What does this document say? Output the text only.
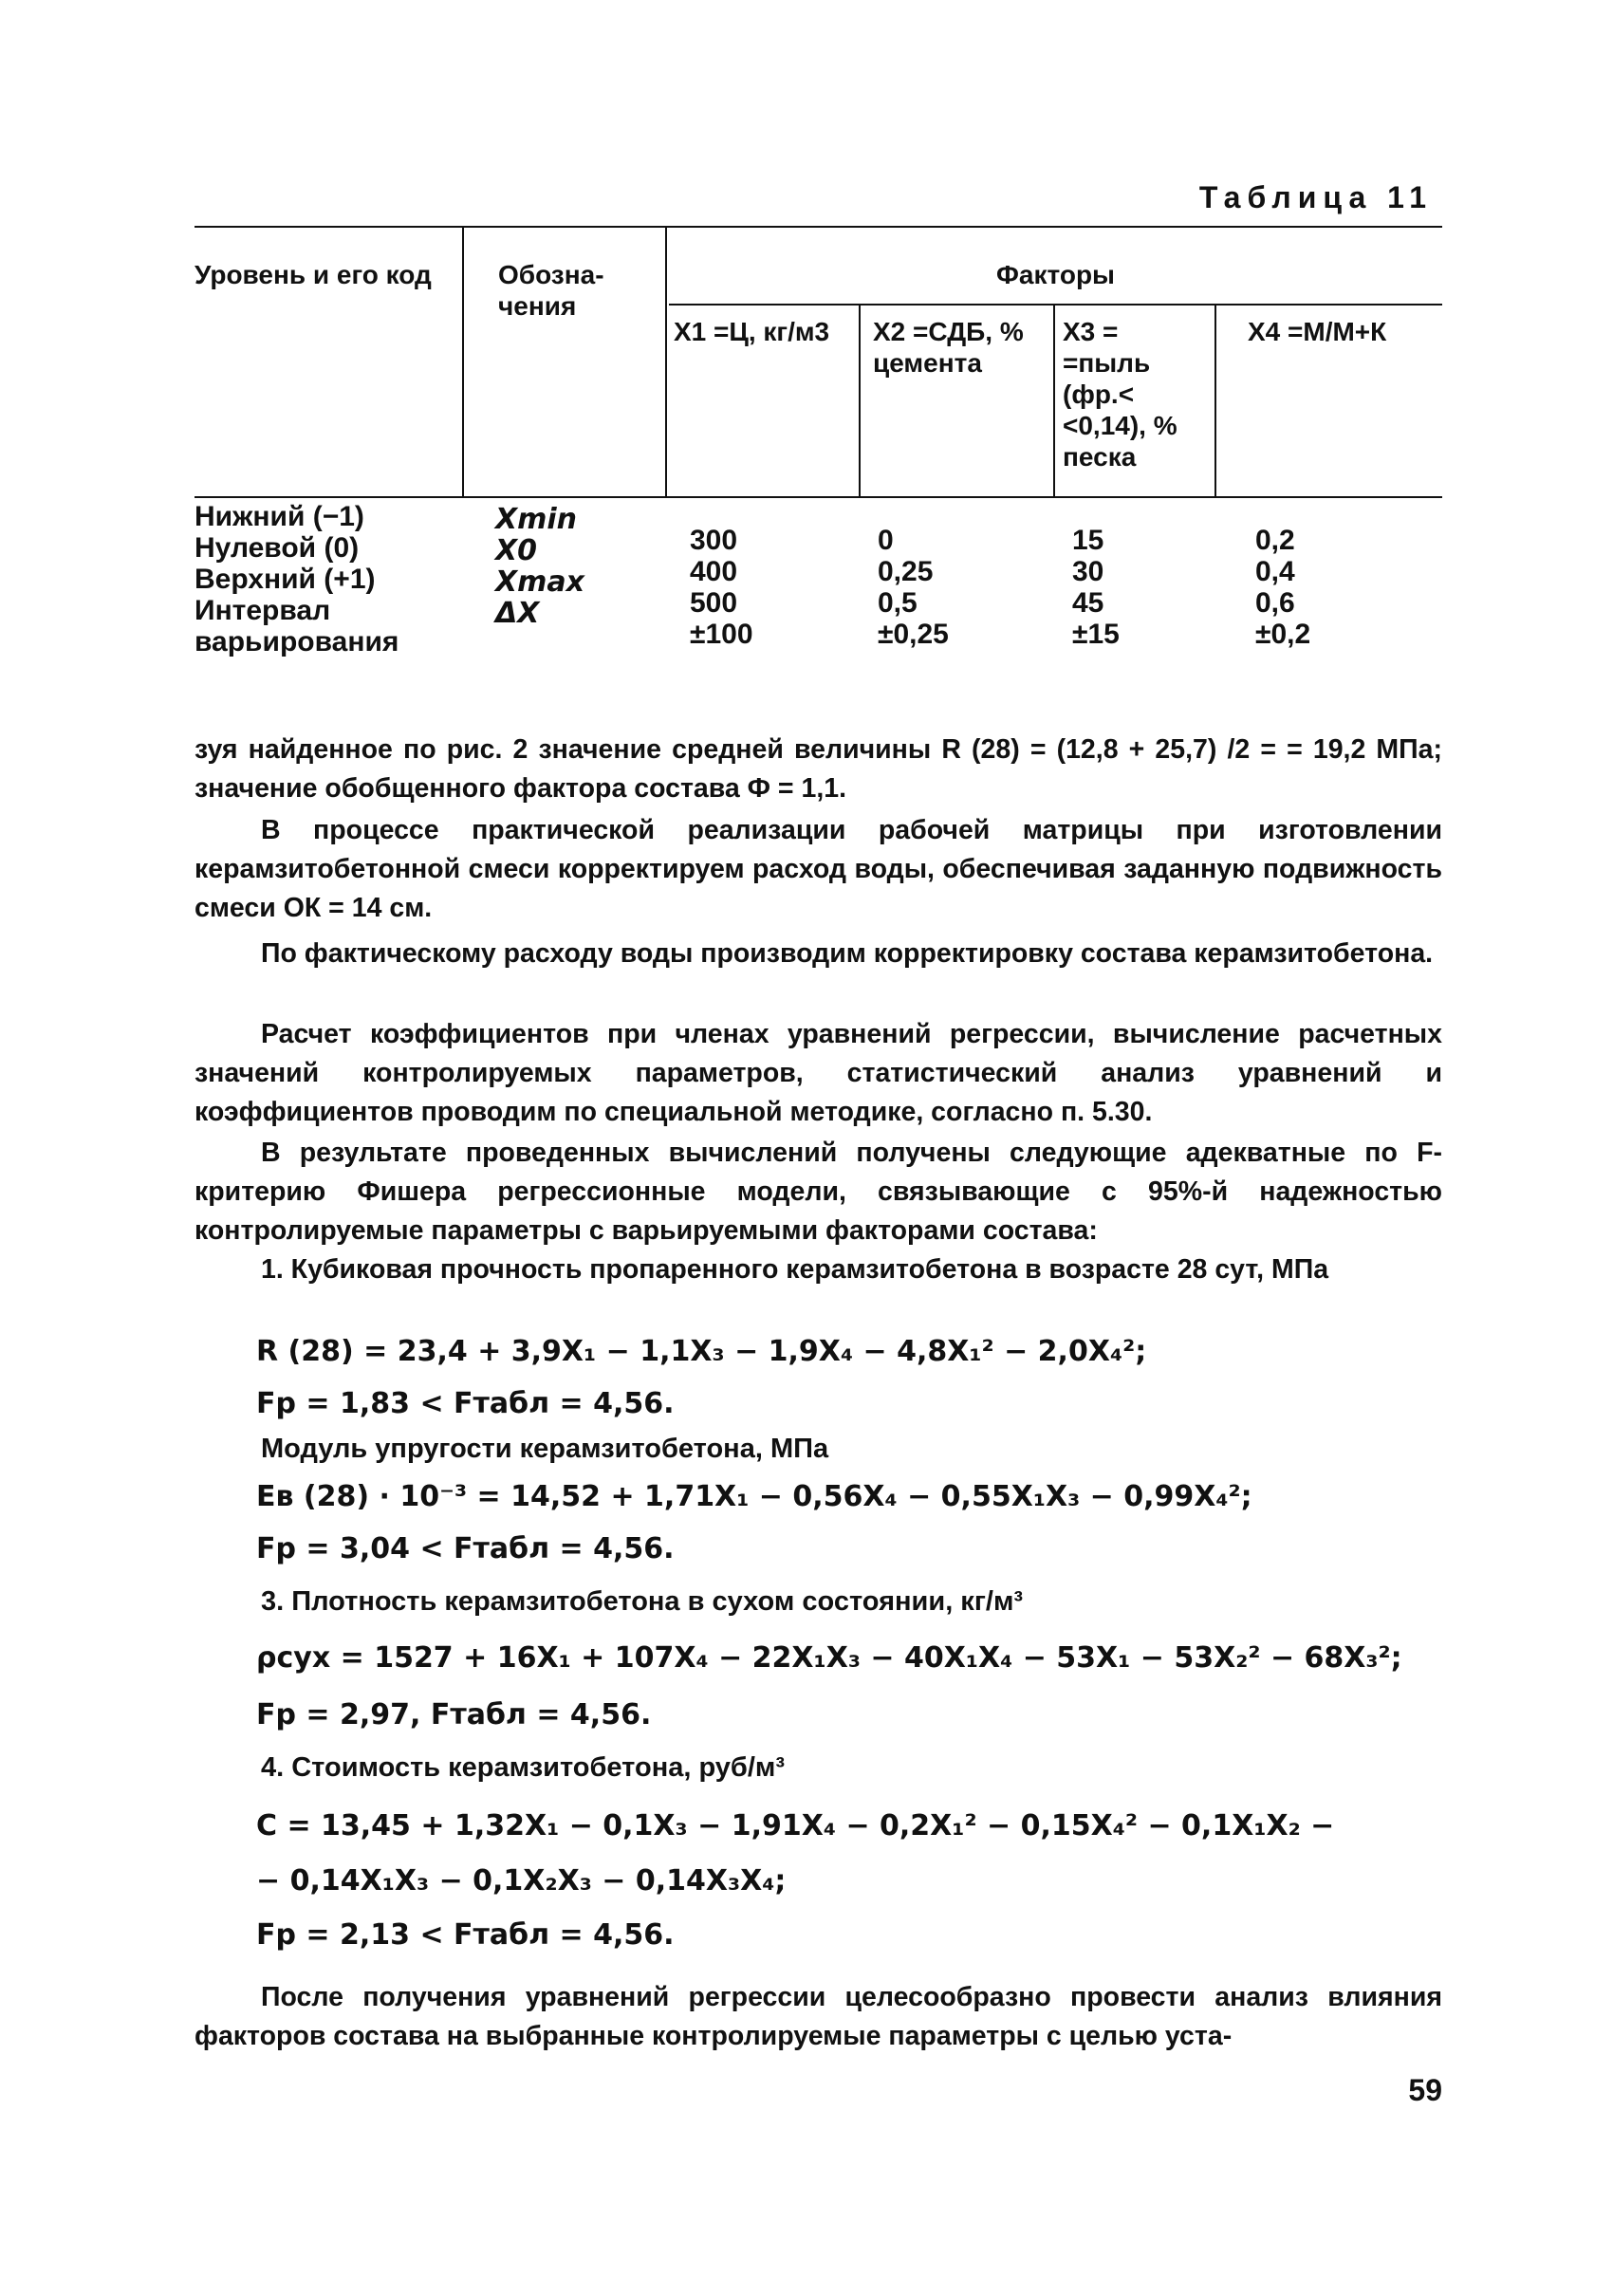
Таблица 11
Уровень и его код	Обозна-чения
Факторы
X1 =Ц, кг/м3	X2 =СДБ, % цемента
X3 = =пыль (фр.< <0,14), % песка
X4 =М/М+К
Нижний (−1)
Нулевой (0)
Верхний (+1)
Интервал варьирования
Xmin
X0
Xmax
ΔX
300
400
500
±100
0
0,25
0,5
±0,25
15
30
45
±15
0,2
0,4
0,6
±0,2
зуя найденное по рис. 2 значение средней величины R (28) = (12,8 + 25,7) /2 = = 19,2 МПа; значение обобщенного фактора состава Ф = 1,1.
В процессе практической реализации рабочей матрицы при изготовлении керамзитобетонной смеси корректируем расход воды, обеспечивая заданную подвижность смеси ОК = 14 см.
По фактическому расходу воды производим корректировку состава керамзитобетона.
Расчет коэффициентов при членах уравнений регрессии, вычисление расчетных значений контролируемых параметров, статистический анализ уравнений и коэффициентов проводим по специальной методике, согласно п. 5.30.
В результате проведенных вычислений получены следующие адекватные по F-критерию Фишера регрессионные модели, связывающие с 95%-й надежностью контролируемые параметры с варьируемыми факторами состава:
1. Кубиковая прочность пропаренного керамзитобетона в возрасте 28 сут, МПа
R (28) = 23,4 + 3,9X₁ − 1,1X₃ − 1,9X₄ − 4,8X₁² − 2,0X₄²;
Fр = 1,83 < Fтабл = 4,56.
Модуль упругости керамзитобетона, МПа
Eв (28) · 10⁻³ = 14,52 + 1,71X₁ − 0,56X₄ − 0,55X₁X₃ − 0,99X₄²;
Fр = 3,04 < Fтабл = 4,56.
3. Плотность керамзитобетона в сухом состоянии, кг/м³
ρсух = 1527 + 16X₁ + 107X₄ − 22X₁X₃ − 40X₁X₄ − 53X₁ − 53X₂² − 68X₃²;
Fр = 2,97, Fтабл = 4,56.
4. Стоимость керамзитобетона, руб/м³
C = 13,45 + 1,32X₁ − 0,1X₃ − 1,91X₄ − 0,2X₁² − 0,15X₄² − 0,1X₁X₂ −
− 0,14X₁X₃ − 0,1X₂X₃ − 0,14X₃X₄;
Fр = 2,13 < Fтабл = 4,56.
После получения уравнений регрессии целесообразно провести анализ влияния факторов состава на выбранные контролируемые параметры с целью уста-
59
